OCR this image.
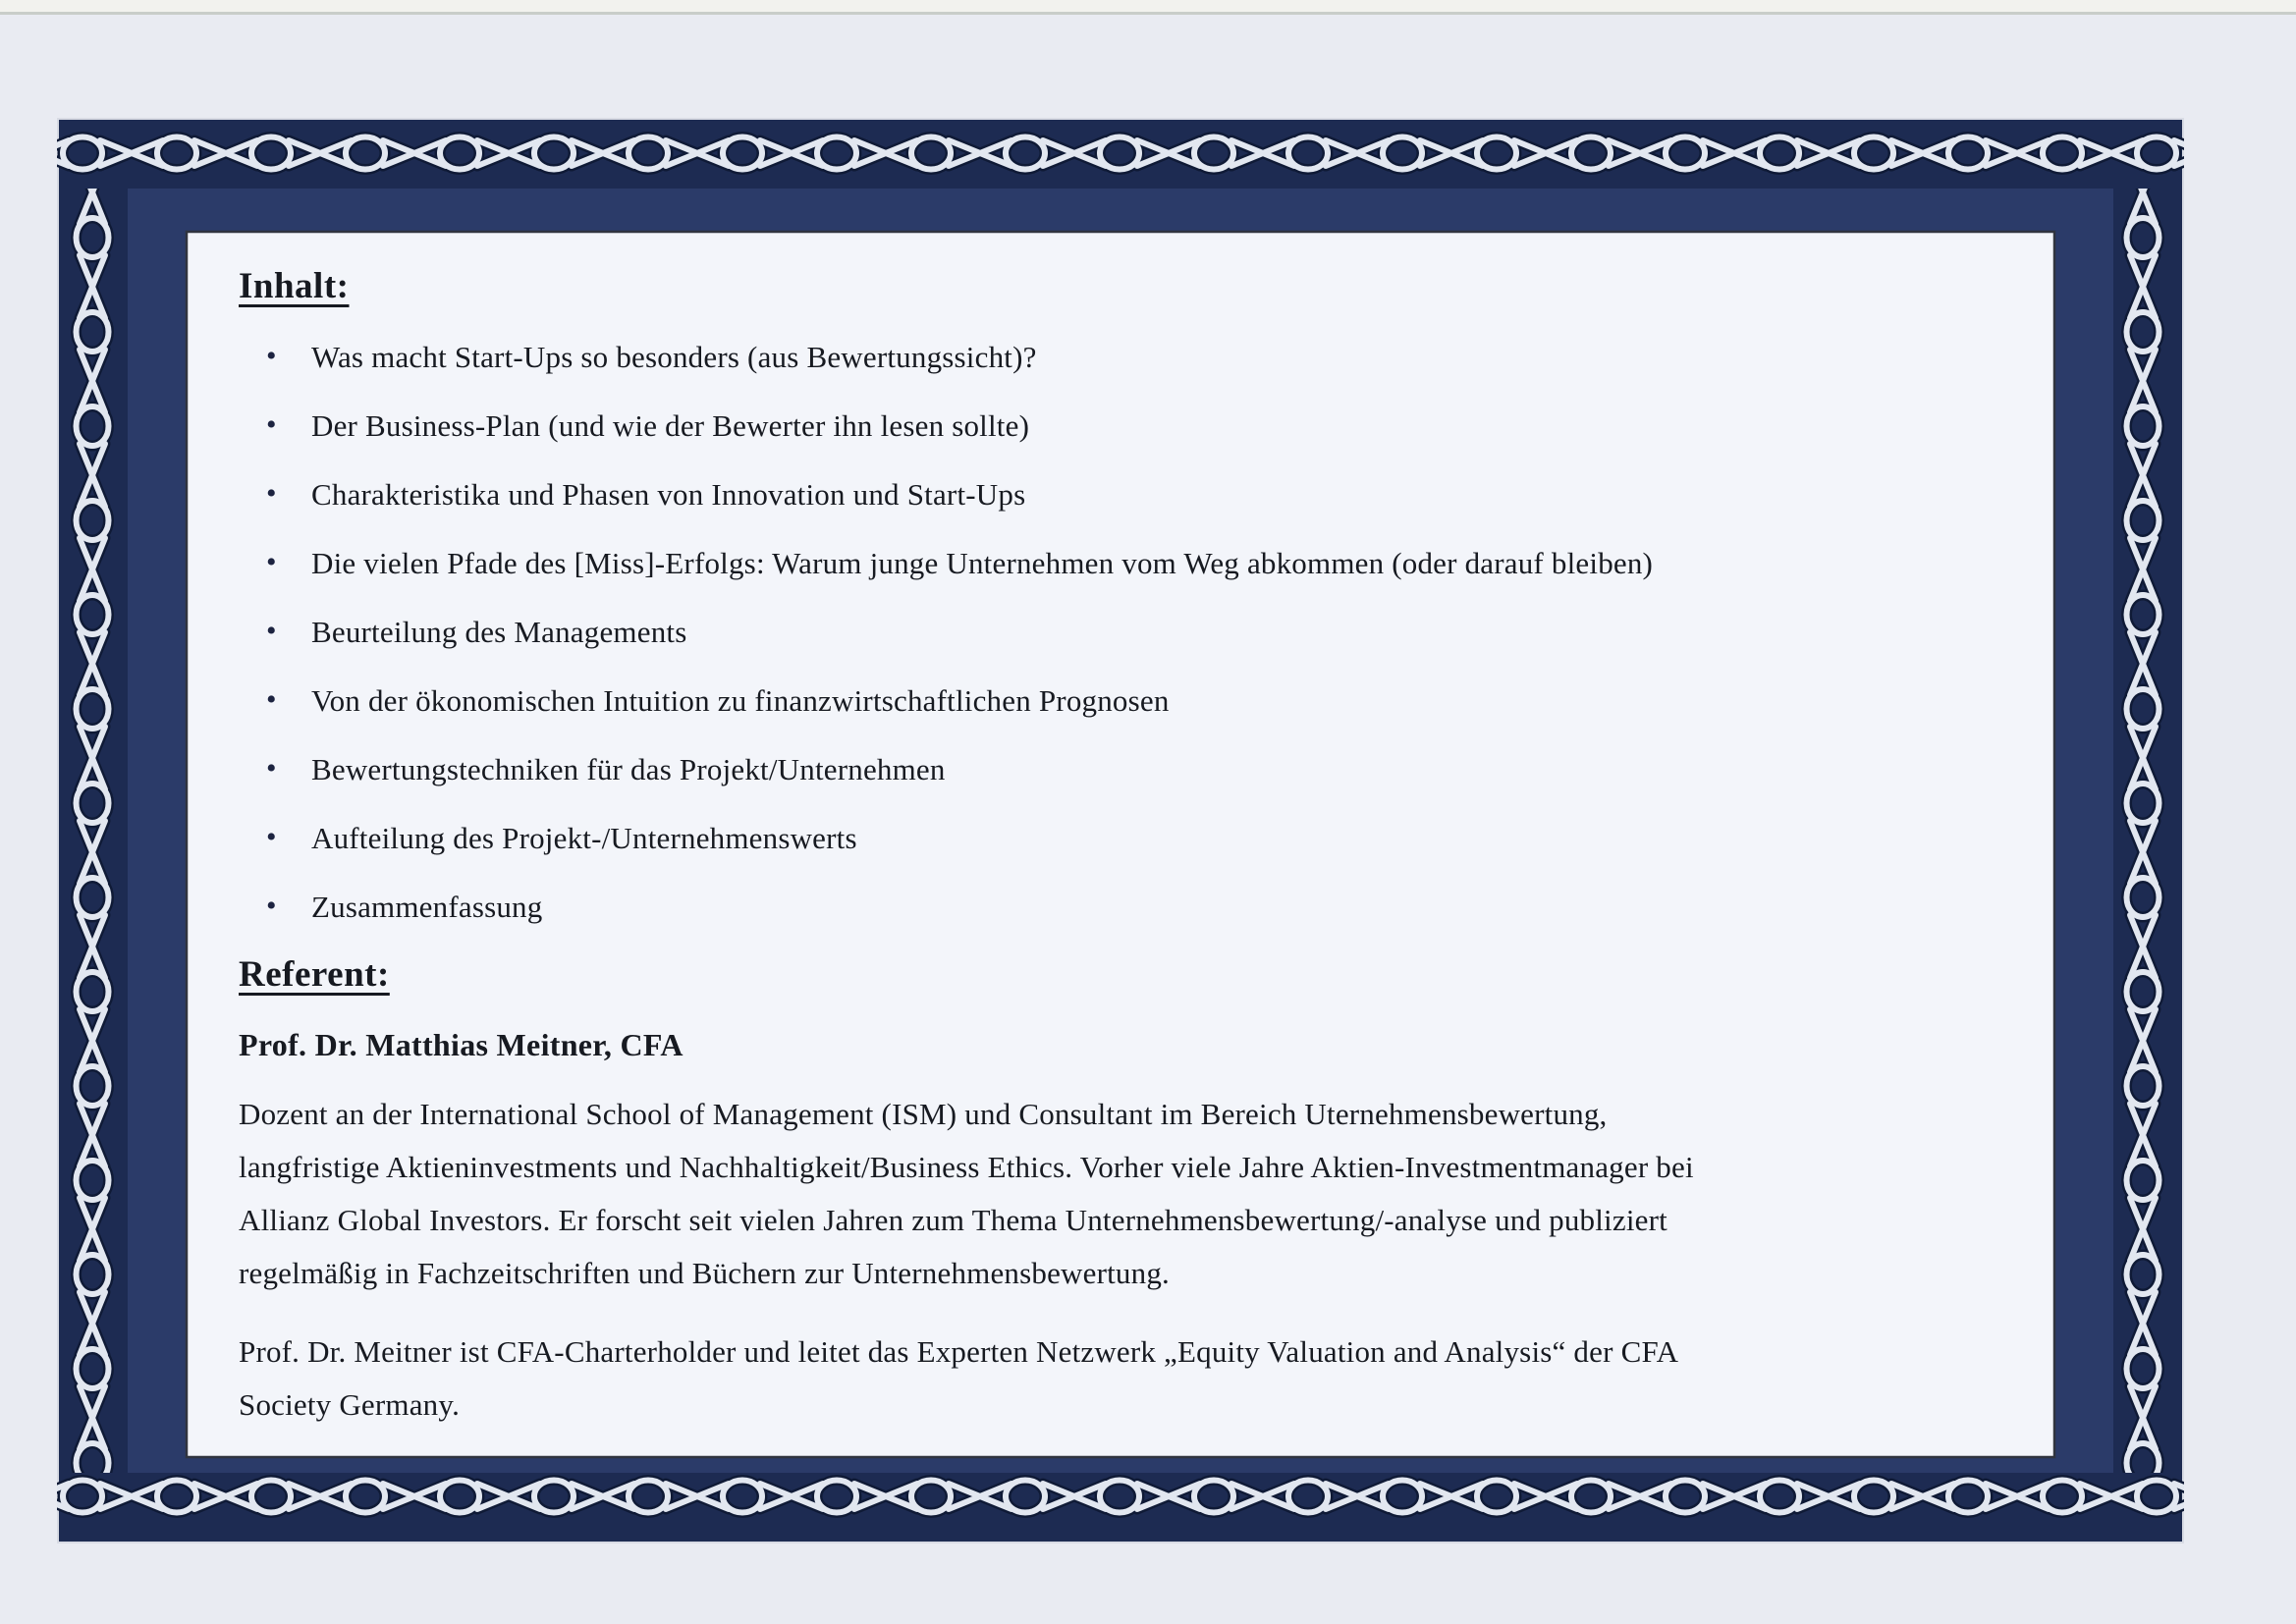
Inhalt:
• Was macht Start-Ups so besonders (aus Bewertungssicht)?
• Der Business-Plan (und wie der Bewerter ihn lesen sollte)
• Charakteristika und Phasen von Innovation und Start-Ups
• Die vielen Pfade des [Miss]-Erfolgs: Warum junge Unternehmen vom Weg abkommen (oder darauf bleiben)
• Beurteilung des Managements
• Von der ökonomischen Intuition zu finanzwirtschaftlichen Prognosen
• Bewertungstechniken für das Projekt/Unternehmen
• Aufteilung des Projekt-/Unternehmenswerts
• Zusammenfassung
Referent:

Prof. Dr. Matthias Meitner, CFA

Dozent an der International School of Management (ISM) und Consultant im Bereich Uternehmensbewertung,
langfristige Aktieninvestments und Nachhaltigkeit/Business Ethics. Vorher viele Jahre Aktien-Investmentmanager bei
Allianz Global Investors. Er forscht seit vielen Jahren zum Thema Unternehmensbewertung/-analyse und publiziert
regelmäßig in Fachzeitschriften und Büchern zur Unternehmensbewertung.
Prof. Dr. Meitner ist CFA-Charterholder und leitet das Experten Netzwerk „Equity Valuation and Analysis“ der CFA
Society Germany.
